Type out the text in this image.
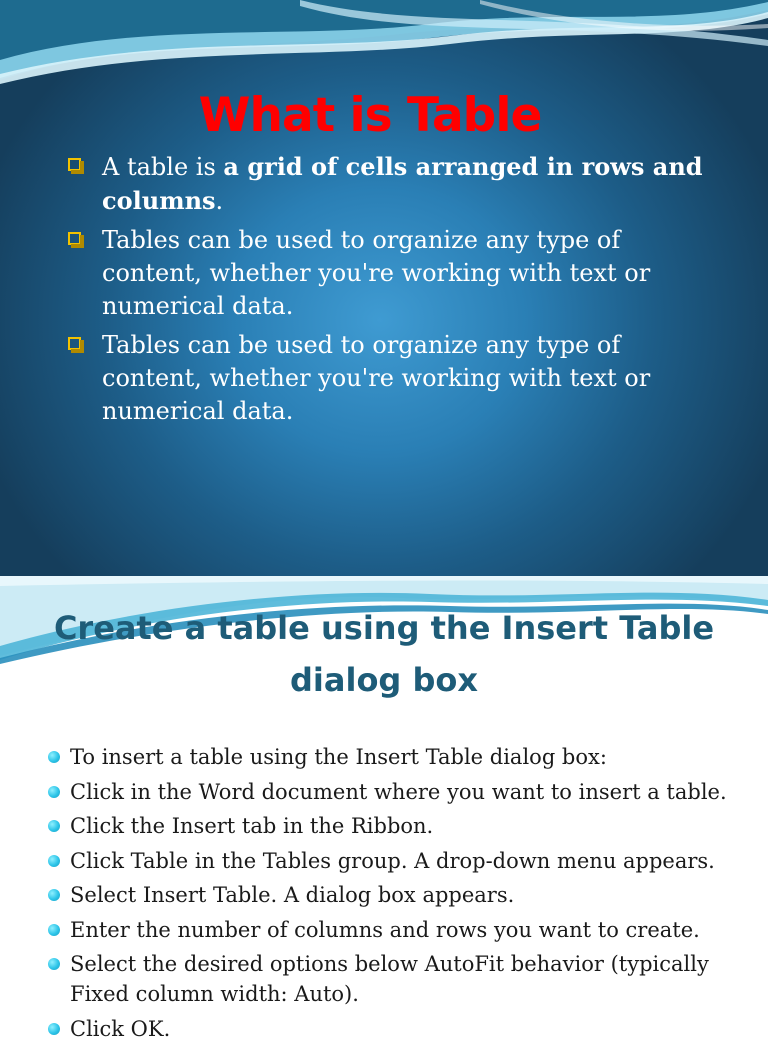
What is Table
A table is a grid of cells arranged in rows and columns.
Tables can be used to organize any type of content, whether you're working with text or numerical data.
Tables can be used to organize any type of content, whether you're working with text or numerical data.
Create a table using the Insert Table dialog box
To insert a table using the Insert Table dialog box:
Click in the Word document where you want to insert a table.
Click the Insert tab in the Ribbon.
Click Table in the Tables group. A drop-down menu appears.
Select Insert Table. A dialog box appears.
Enter the number of columns and rows you want to create.
Select the desired options below AutoFit behavior (typically Fixed column width: Auto).
Click OK.
